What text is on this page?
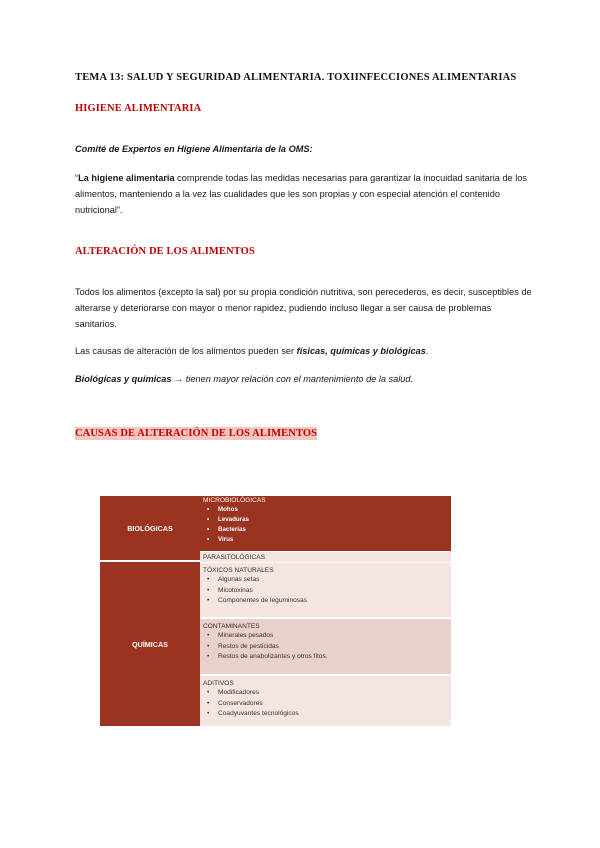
TEMA 13: SALUD Y SEGURIDAD ALIMENTARIA. TOXIINFECCIONES ALIMENTARIAS
HIGIENE ALIMENTARIA
Comité de Expertos en Higiene Alimentaria de la OMS:
“La higiene alimentaria comprende todas las medidas necesarias para garantizar la inocuidad sanitaria de los alimentos, manteniendo a la vez las cualidades que les son propias y con especial atención el contenido nutricional”.
ALTERACIÓN DE LOS ALIMENTOS
Todos los alimentos (excepto la sal) por su propia condición nutritiva, son perecederos, es decir, susceptibles de alterarse y deteriorarse con mayor o menor rapidez, pudiendo incluso llegar a ser causa de problemas sanitarios.
Las causas de alteración de los alimentos pueden ser físicas, químicas y biológicas.
Biológicas y químicas → tienen mayor relación con el mantenimiento de la salud.
CAUSAS DE ALTERACIÓN DE LOS ALIMENTOS
BIOLÓGICAS
QUÍMICAS
MICROBIOLÓGICAS
• Mohos
• Levaduras
• Bacterias
• Virus
PARASITOLÓGICAS
TÓXICOS NATURALES
• Algunas setas
• Micotoxinas
• Componentes de leguminosas
CONTAMINANTES
• Minerales pesados
• Restos de pesticidas
• Restos de anabolizantes y otros fitos.
ADITIVOS
• Modificadores
• Conservadores
• Coadyuvantes tecnológicos
